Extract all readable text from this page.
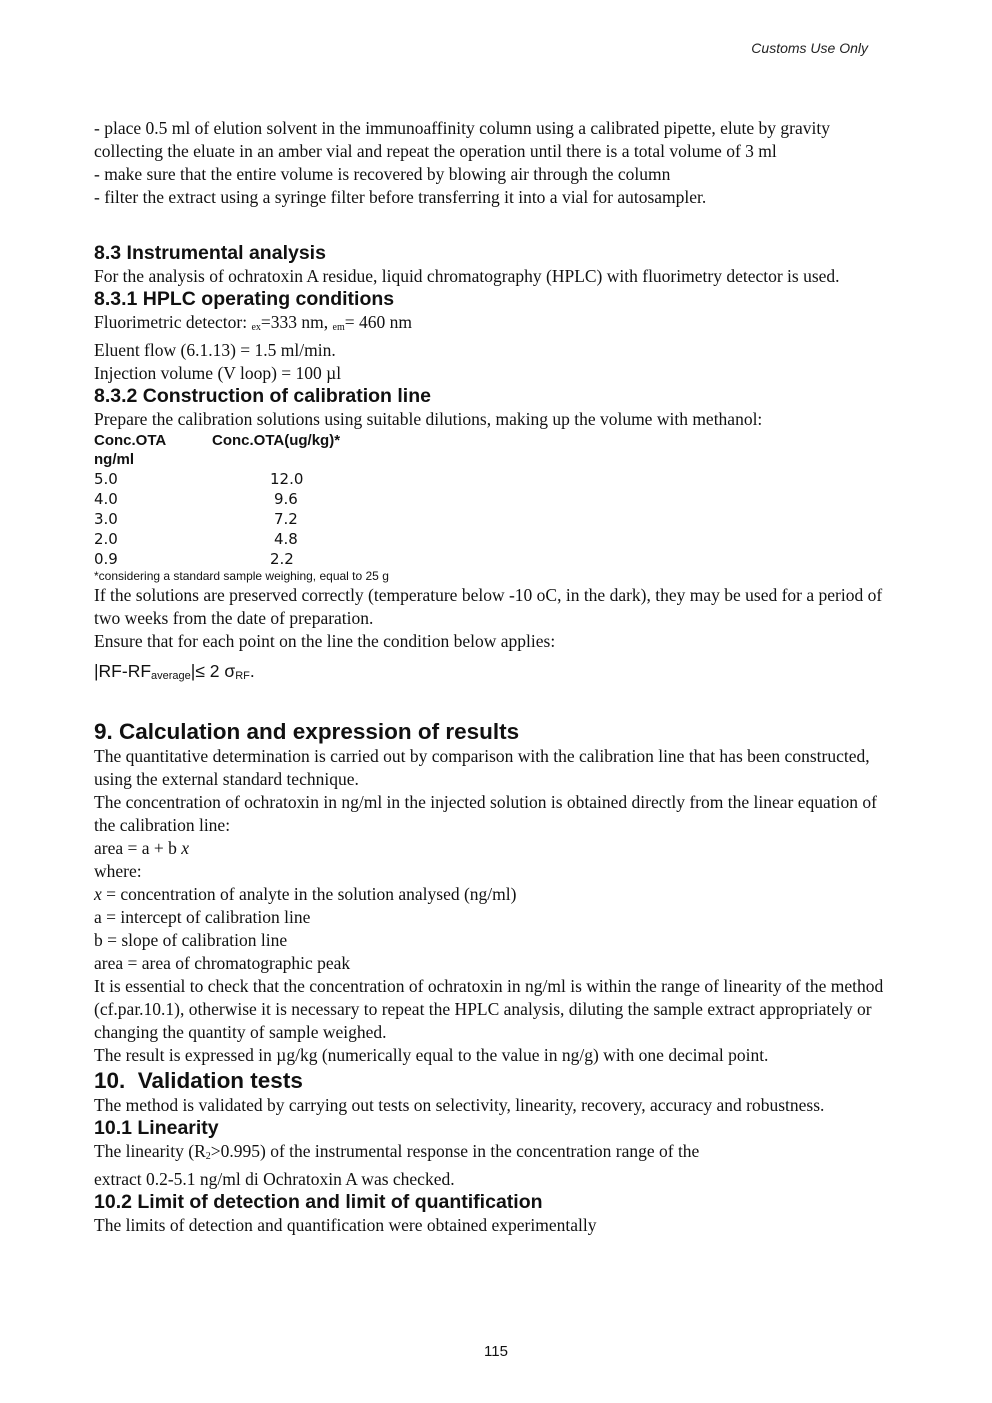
Customs Use Only

- place 0.5 ml of elution solvent in the immunoaffinity column using a calibrated pipette, elute by gravity collecting the eluate in an amber vial and repeat the operation until there is a total volume of 3 ml

- make sure that the entire volume is recovered by blowing air through the column

- filter the extract using a syringe filter before transferring it into a vial for autosampler.

8.3 Instrumental analysis

For the analysis of ochratoxin A residue, liquid chromatography (HPLC) with fluorimetry detector is used.

8.3.1 HPLC operating conditions

Fluorimetric detector: $_{ex}$=333 nm, $_{em}$= 460 nm

Eluent flow (6.1.13) = 1.5 ml/min.

Injection volume (V loop) = 100 µl

8.3.2 Construction of calibration line

Prepare the calibration solutions using suitable dilutions, making up the volume with methanol:

Conc.OTA	Conc.OTA(ug/kg)*
ng/ml
5.0	12.0
4.0	9.6
3.0	7.2
2.0	4.8
0.9	2.2
*considering a standard sample weighing, equal to 25 g

If the solutions are preserved correctly (temperature below -10 oC, in the dark), they may be used for a period of two weeks from the date of preparation.

Ensure that for each point on the line the condition below applies:

$|RF-RF_{average}|\le 2$ $\sigma_{RF}$.

9. Calculation and expression of results

The quantitative determination is carried out by comparison with the calibration line that has been constructed, using the external standard technique.

The concentration of ochratoxin in ng/ml in the injected solution is obtained directly from the linear equation of the calibration line:

area = a + b x

where:

x = concentration of analyte in the solution analysed (ng/ml)

a = intercept of calibration line

b = slope of calibration line

area = area of chromatographic peak

It is essential to check that the concentration of ochratoxin in ng/ml is within the range of linearity of the method (cf.par.10.1), otherwise it is necessary to repeat the HPLC analysis, diluting the sample extract appropriately or changing the quantity of sample weighed.

The result is expressed in µg/kg (numerically equal to the value in ng/g) with one decimal point.

10.  Validation tests

The method is validated by carrying out tests on selectivity, linearity, recovery, accuracy and robustness.

10.1 Linearity

The linearity $(R_2>0.995)$ of the instrumental response in the concentration range of the

extract 0.2-5.1 ng/ml di Ochratoxin A was checked.

10.2 Limit of detection and limit of quantification

The limits of detection and quantification were obtained experimentally

115
